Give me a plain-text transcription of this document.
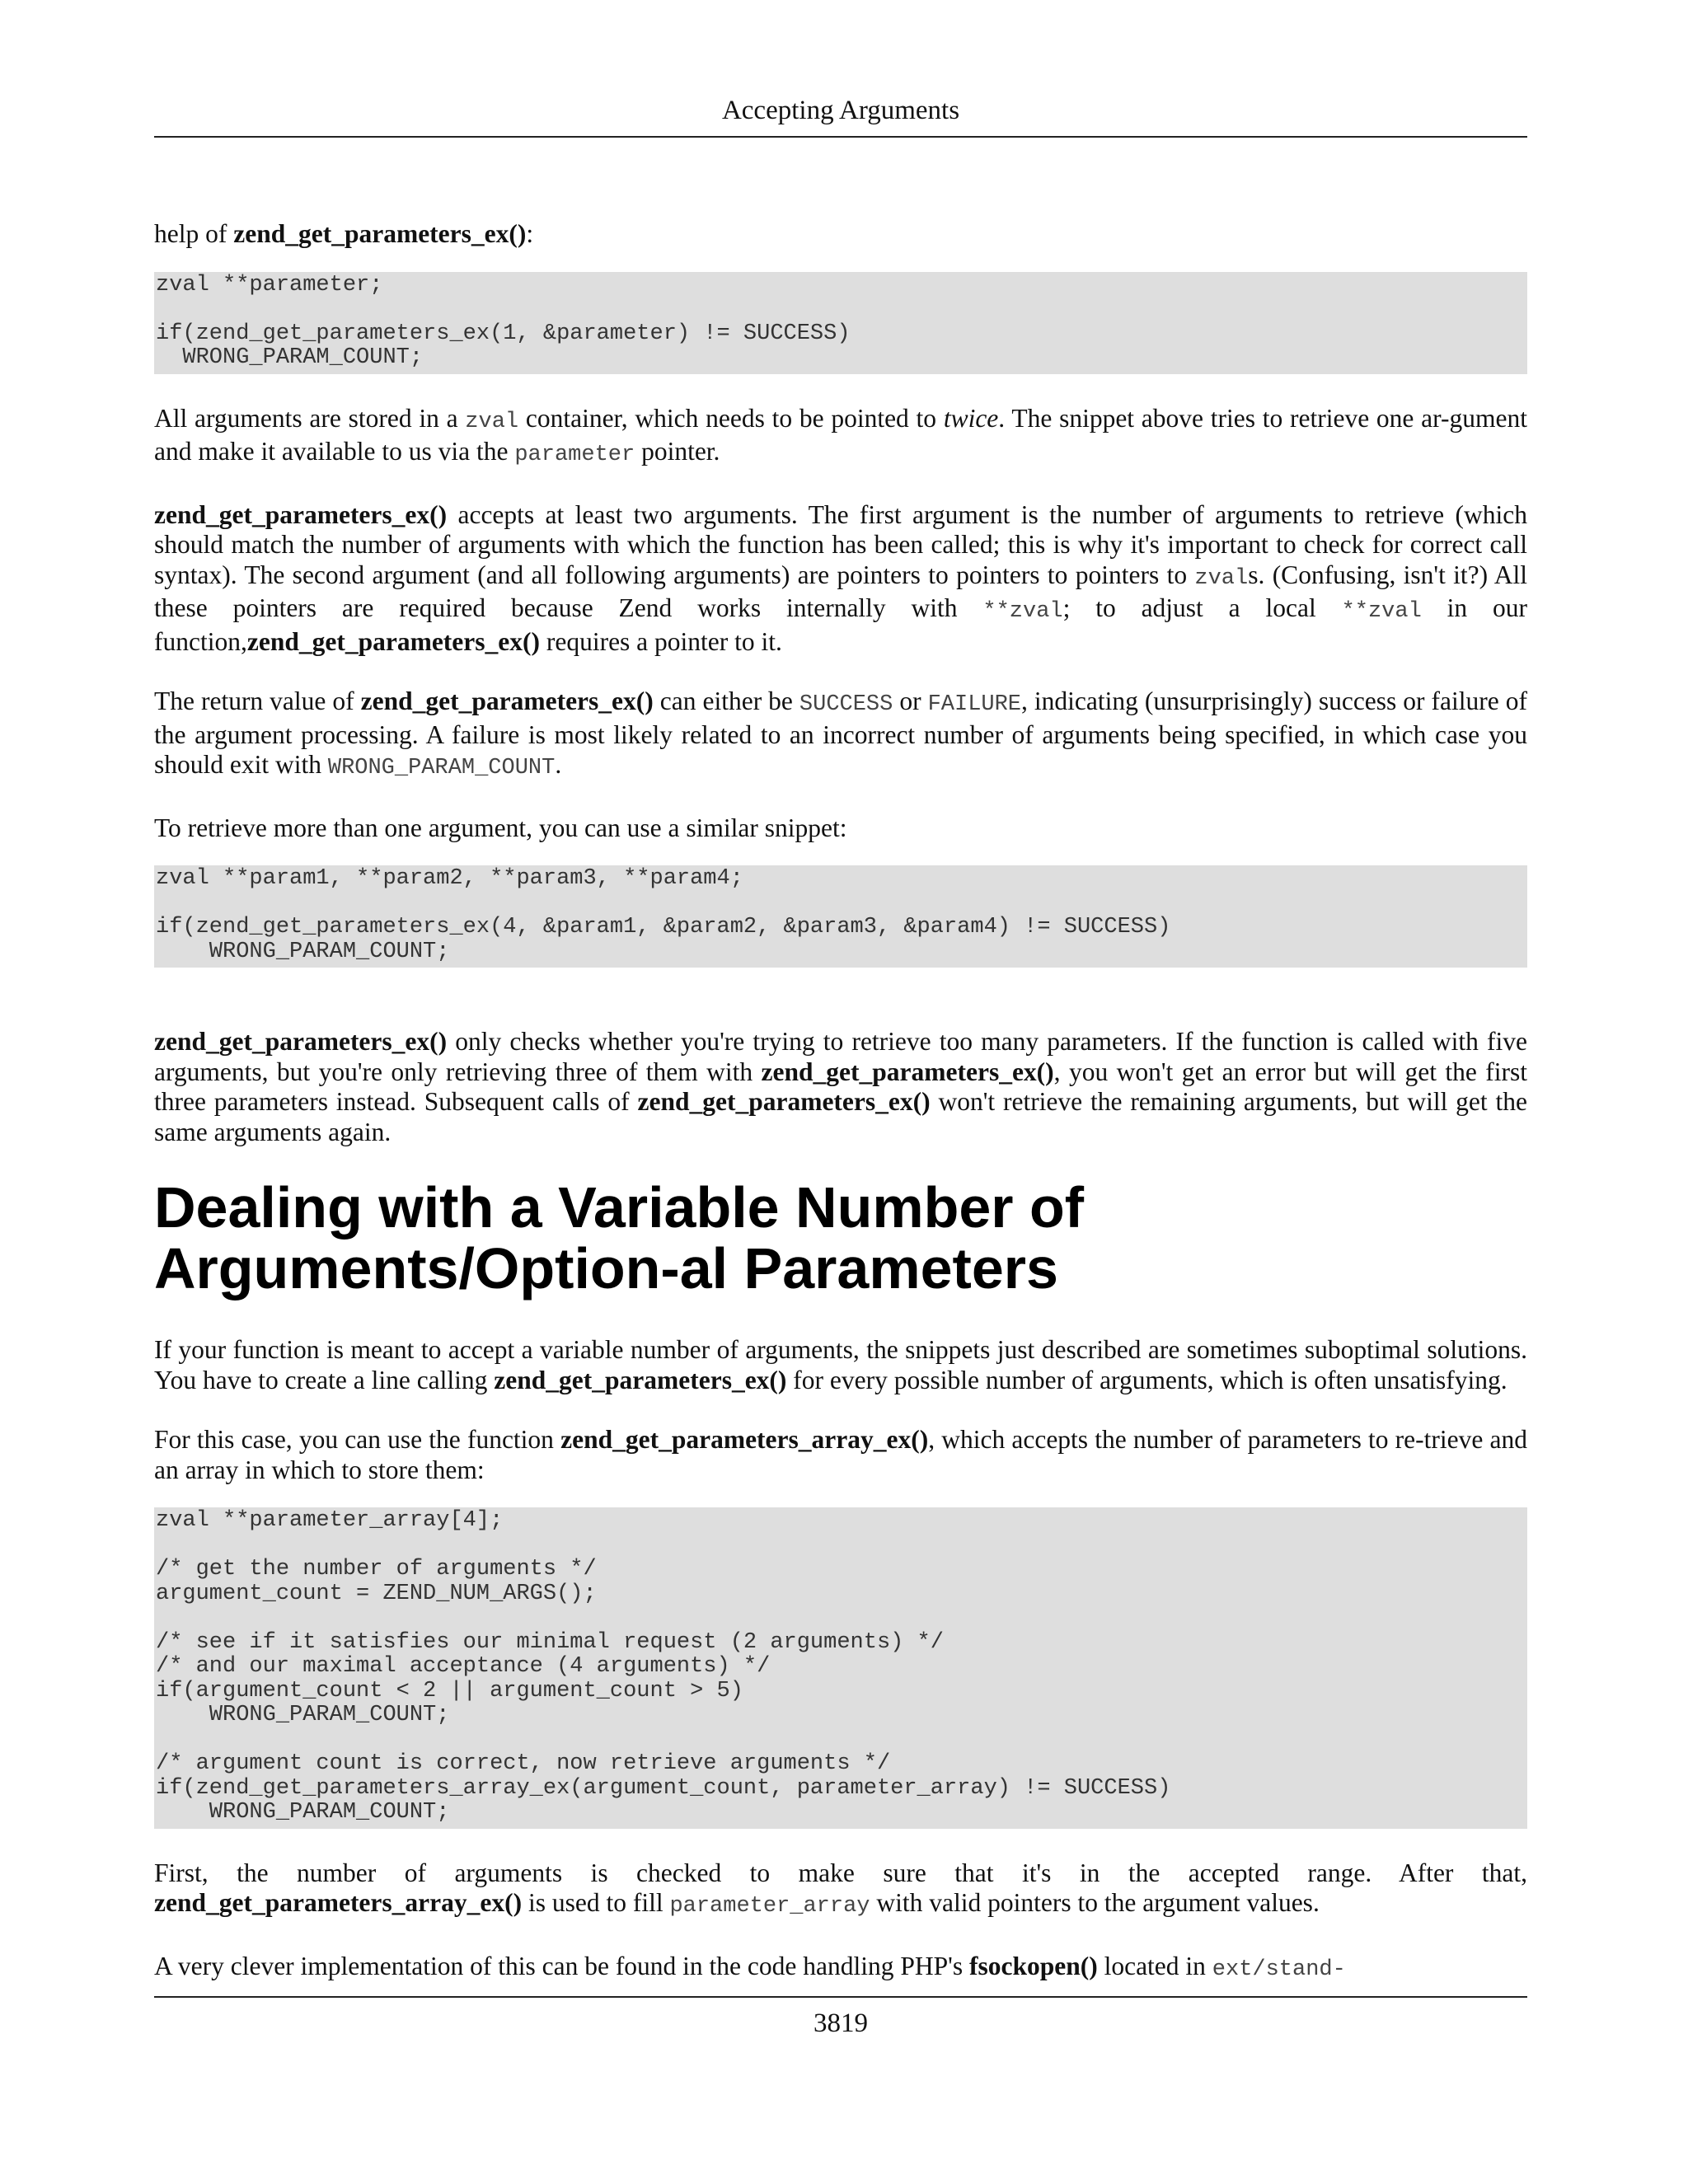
Accepting Arguments

help of zend_get_parameters_ex():

zval **parameter;

if(zend_get_parameters_ex(1, &parameter) != SUCCESS)
WRONG_PARAM_COUNT;

All arguments are stored in a zval container, which needs to be pointed to twice. The snippet above tries to retrieve one ar-gument and make it available to us via the parameter pointer.

zend_get_parameters_ex() accepts at least two arguments. The first argument is the number of arguments to retrieve (which should match the number of arguments with which the function has been called; this is why it's important to check for correct call syntax). The second argument (and all following arguments) are pointers to pointers to pointers to zvals. (Confusing, isn't it?) All these pointers are required because Zend works internally with **zval; to adjust a local **zval in our function,zend_get_parameters_ex() requires a pointer to it.

The return value of zend_get_parameters_ex() can either be SUCCESS or FAILURE, indicating (unsurprisingly) success or failure of the argument processing. A failure is most likely related to an incorrect number of arguments being specified, in which case you should exit with WRONG_PARAM_COUNT.

To retrieve more than one argument, you can use a similar snippet:

zval **param1, **param2, **param3, **param4;

if(zend_get_parameters_ex(4, &param1, &param2, &param3, &param4) != SUCCESS)
WRONG_PARAM_COUNT;

zend_get_parameters_ex() only checks whether you're trying to retrieve too many parameters. If the function is called with five arguments, but you're only retrieving three of them with zend_get_parameters_ex(), you won't get an error but will get the first three parameters instead. Subsequent calls of zend_get_parameters_ex() won't retrieve the remaining arguments, but will get the same arguments again.

Dealing with a Variable Number of Arguments/Option-al Parameters

If your function is meant to accept a variable number of arguments, the snippets just described are sometimes suboptimal solutions. You have to create a line calling zend_get_parameters_ex() for every possible number of arguments, which is often unsatisfying.

For this case, you can use the function zend_get_parameters_array_ex(), which accepts the number of parameters to re-trieve and an array in which to store them:

zval **parameter_array[4];

/* get the number of arguments */
argument_count = ZEND_NUM_ARGS();

/* see if it satisfies our minimal request (2 arguments) */
/* and our maximal acceptance (4 arguments) */
if(argument_count < 2 || argument_count > 5)
WRONG_PARAM_COUNT;

/* argument count is correct, now retrieve arguments */
if(zend_get_parameters_array_ex(argument_count, parameter_array) != SUCCESS)
WRONG_PARAM_COUNT;

First, the number of arguments is checked to make sure that it's in the accepted range. After that, zend_get_parameters_array_ex() is used to fill parameter_array with valid pointers to the argument values.

A very clever implementation of this can be found in the code handling PHP's fsockopen() located in ext/stand-

3819
